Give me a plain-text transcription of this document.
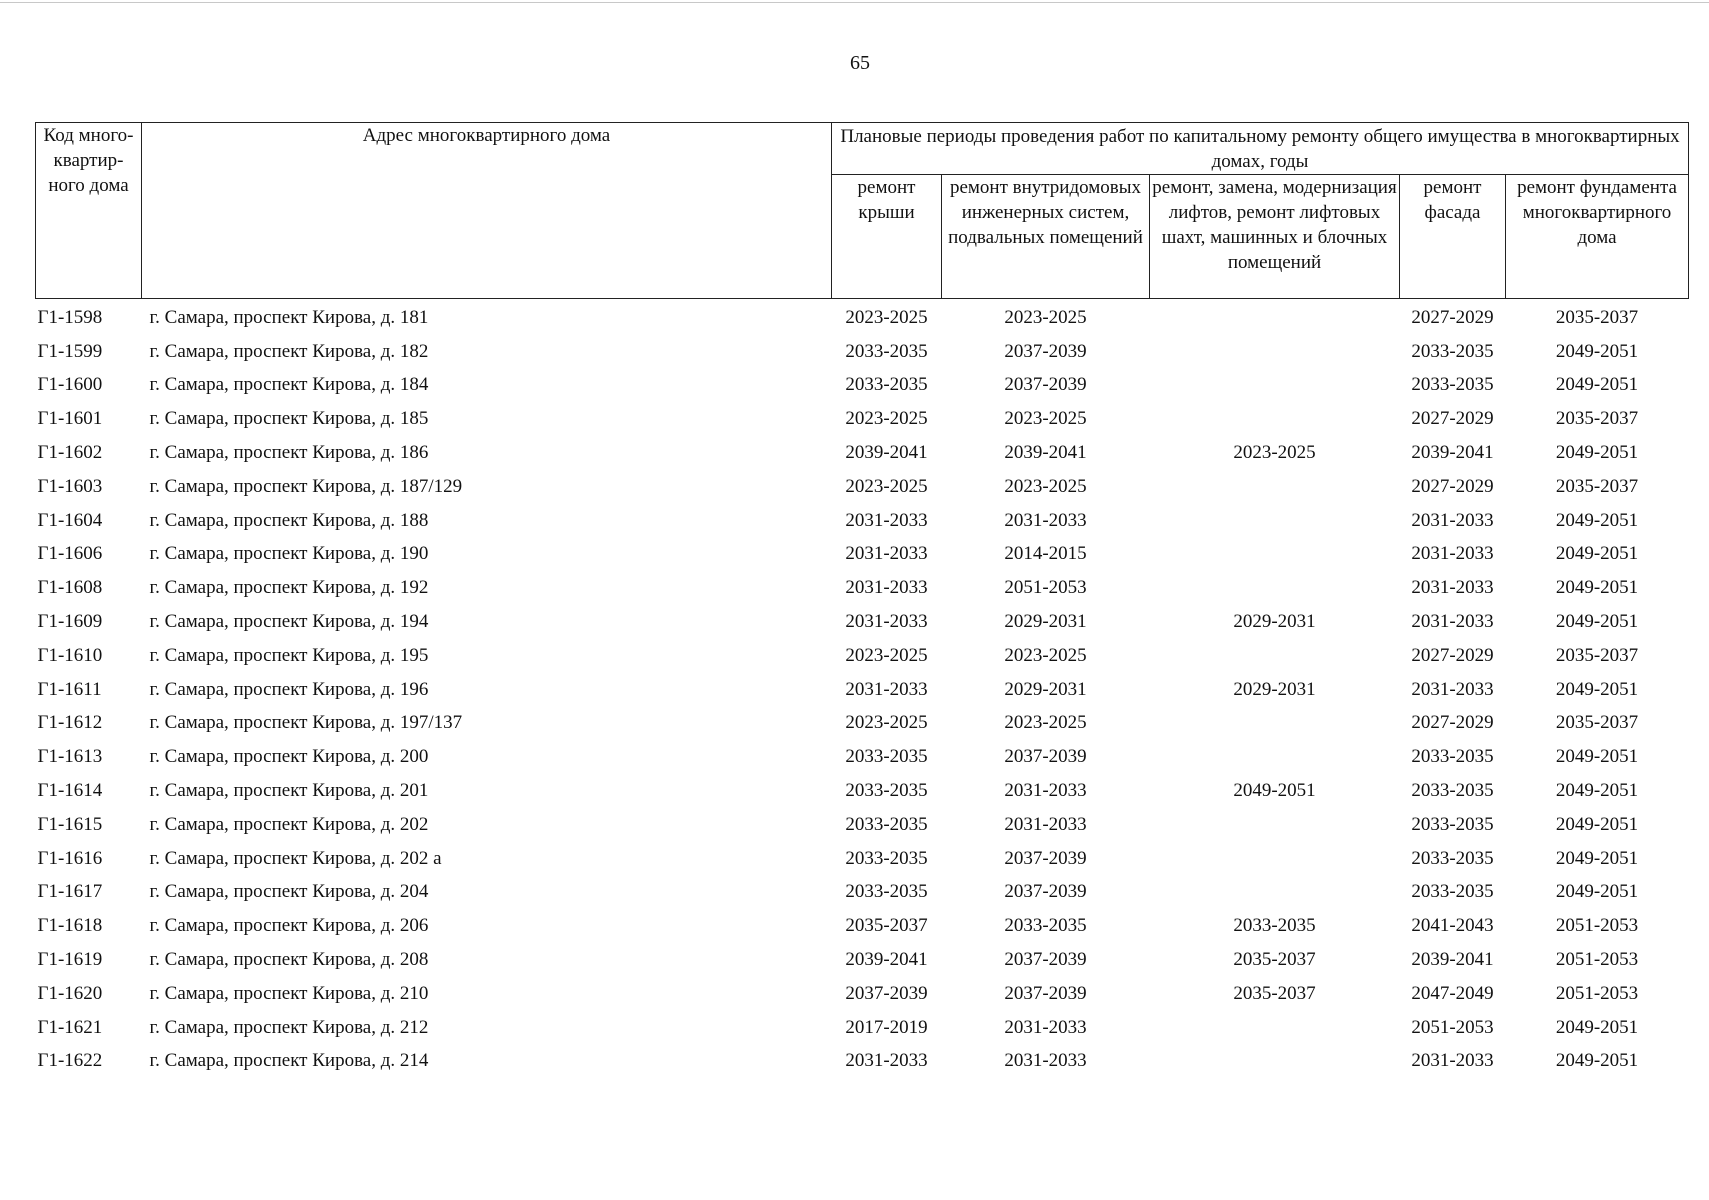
65
Код много-квартир-ного дома	Адрес многоквартирного дома	Плановые периоды проведения работ по капитальному ремонту общего имущества в многоквартирных домах, годы				
		ремонт крыши	ремонт внутридомовых инженерных систем, подвальных помещений	ремонт, замена, модернизация лифтов, ремонт лифтовых шахт, машинных и блочных помещений	ремонт фасада	ремонт фундамента многоквартирного дома
Г1-1598	г. Самара, проспект Кирова, д. 181	2023-2025	2023-2025		2027-2029	2035-2037
Г1-1599	г. Самара, проспект Кирова, д. 182	2033-2035	2037-2039		2033-2035	2049-2051
Г1-1600	г. Самара, проспект Кирова, д. 184	2033-2035	2037-2039		2033-2035	2049-2051
Г1-1601	г. Самара, проспект Кирова, д. 185	2023-2025	2023-2025		2027-2029	2035-2037
Г1-1602	г. Самара, проспект Кирова, д. 186	2039-2041	2039-2041	2023-2025	2039-2041	2049-2051
Г1-1603	г. Самара, проспект Кирова, д. 187/129	2023-2025	2023-2025		2027-2029	2035-2037
Г1-1604	г. Самара, проспект Кирова, д. 188	2031-2033	2031-2033		2031-2033	2049-2051
Г1-1606	г. Самара, проспект Кирова, д. 190	2031-2033	2014-2015		2031-2033	2049-2051
Г1-1608	г. Самара, проспект Кирова, д. 192	2031-2033	2051-2053		2031-2033	2049-2051
Г1-1609	г. Самара, проспект Кирова, д. 194	2031-2033	2029-2031	2029-2031	2031-2033	2049-2051
Г1-1610	г. Самара, проспект Кирова, д. 195	2023-2025	2023-2025		2027-2029	2035-2037
Г1-1611	г. Самара, проспект Кирова, д. 196	2031-2033	2029-2031	2029-2031	2031-2033	2049-2051
Г1-1612	г. Самара, проспект Кирова, д. 197/137	2023-2025	2023-2025		2027-2029	2035-2037
Г1-1613	г. Самара, проспект Кирова, д. 200	2033-2035	2037-2039		2033-2035	2049-2051
Г1-1614	г. Самара, проспект Кирова, д. 201	2033-2035	2031-2033	2049-2051	2033-2035	2049-2051
Г1-1615	г. Самара, проспект Кирова, д. 202	2033-2035	2031-2033		2033-2035	2049-2051
Г1-1616	г. Самара, проспект Кирова, д. 202 а	2033-2035	2037-2039		2033-2035	2049-2051
Г1-1617	г. Самара, проспект Кирова, д. 204	2033-2035	2037-2039		2033-2035	2049-2051
Г1-1618	г. Самара, проспект Кирова, д. 206	2035-2037	2033-2035	2033-2035	2041-2043	2051-2053
Г1-1619	г. Самара, проспект Кирова, д. 208	2039-2041	2037-2039	2035-2037	2039-2041	2051-2053
Г1-1620	г. Самара, проспект Кирова, д. 210	2037-2039	2037-2039	2035-2037	2047-2049	2051-2053
Г1-1621	г. Самара, проспект Кирова, д. 212	2017-2019	2031-2033		2051-2053	2049-2051
Г1-1622	г. Самара, проспект Кирова, д. 214	2031-2033	2031-2033		2031-2033	2049-2051
